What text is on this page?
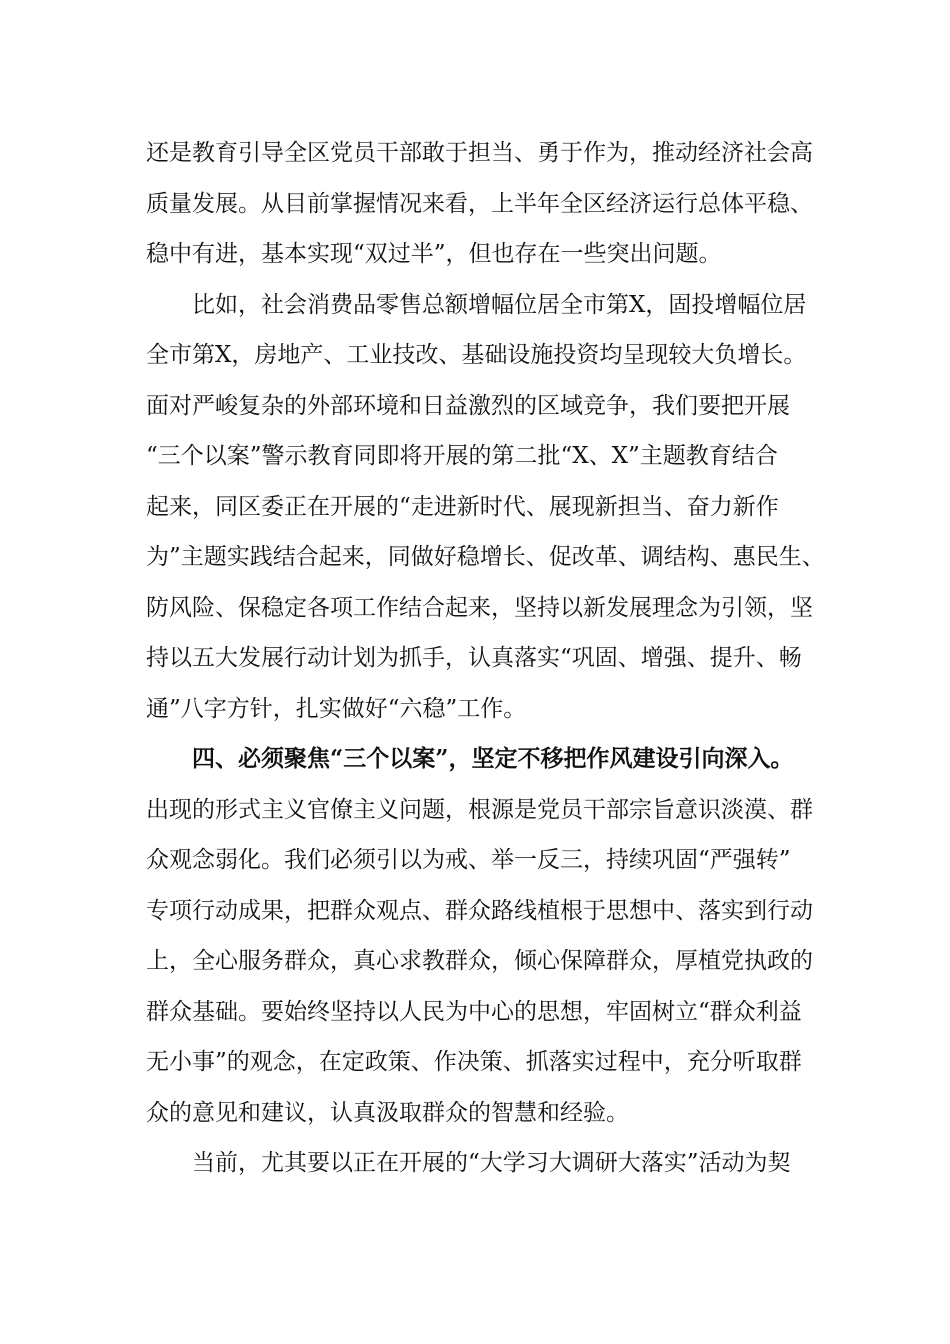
还是教育引导全区党员干部敢于担当、勇于作为，推动经济社会高
质量发展。从目前掌握情况来看，上半年全区经济运行总体平稳、
稳中有进，基本实现“双过半”，但也存在一些突出问题。
比如，社会消费品零售总额增幅位居全市第X，固投增幅位居
全市第X，房地产、工业技改、基础设施投资均呈现较大负增长。
面对严峻复杂的外部环境和日益激烈的区域竞争，我们要把开展
“三个以案”警示教育同即将开展的第二批“X、X”主题教育结合
起来，同区委正在开展的“走进新时代、展现新担当、奋力新作
为”主题实践结合起来，同做好稳增长、促改革、调结构、惠民生、
防风险、保稳定各项工作结合起来，坚持以新发展理念为引领，坚
持以五大发展行动计划为抓手，认真落实“巩固、增强、提升、畅
通”八字方针，扎实做好“六稳”工作。
四、必须聚焦“三个以案”，坚定不移把作风建设引向深入。
出现的形式主义官僚主义问题，根源是党员干部宗旨意识淡漠、群
众观念弱化。我们必须引以为戒、举一反三，持续巩固“严强转”
专项行动成果，把群众观点、群众路线植根于思想中、落实到行动
上，全心服务群众，真心求教群众，倾心保障群众，厚植党执政的
群众基础。要始终坚持以人民为中心的思想，牢固树立“群众利益
无小事”的观念，在定政策、作决策、抓落实过程中，充分听取群
众的意见和建议，认真汲取群众的智慧和经验。
当前，尤其要以正在开展的“大学习大调研大落实”活动为契
